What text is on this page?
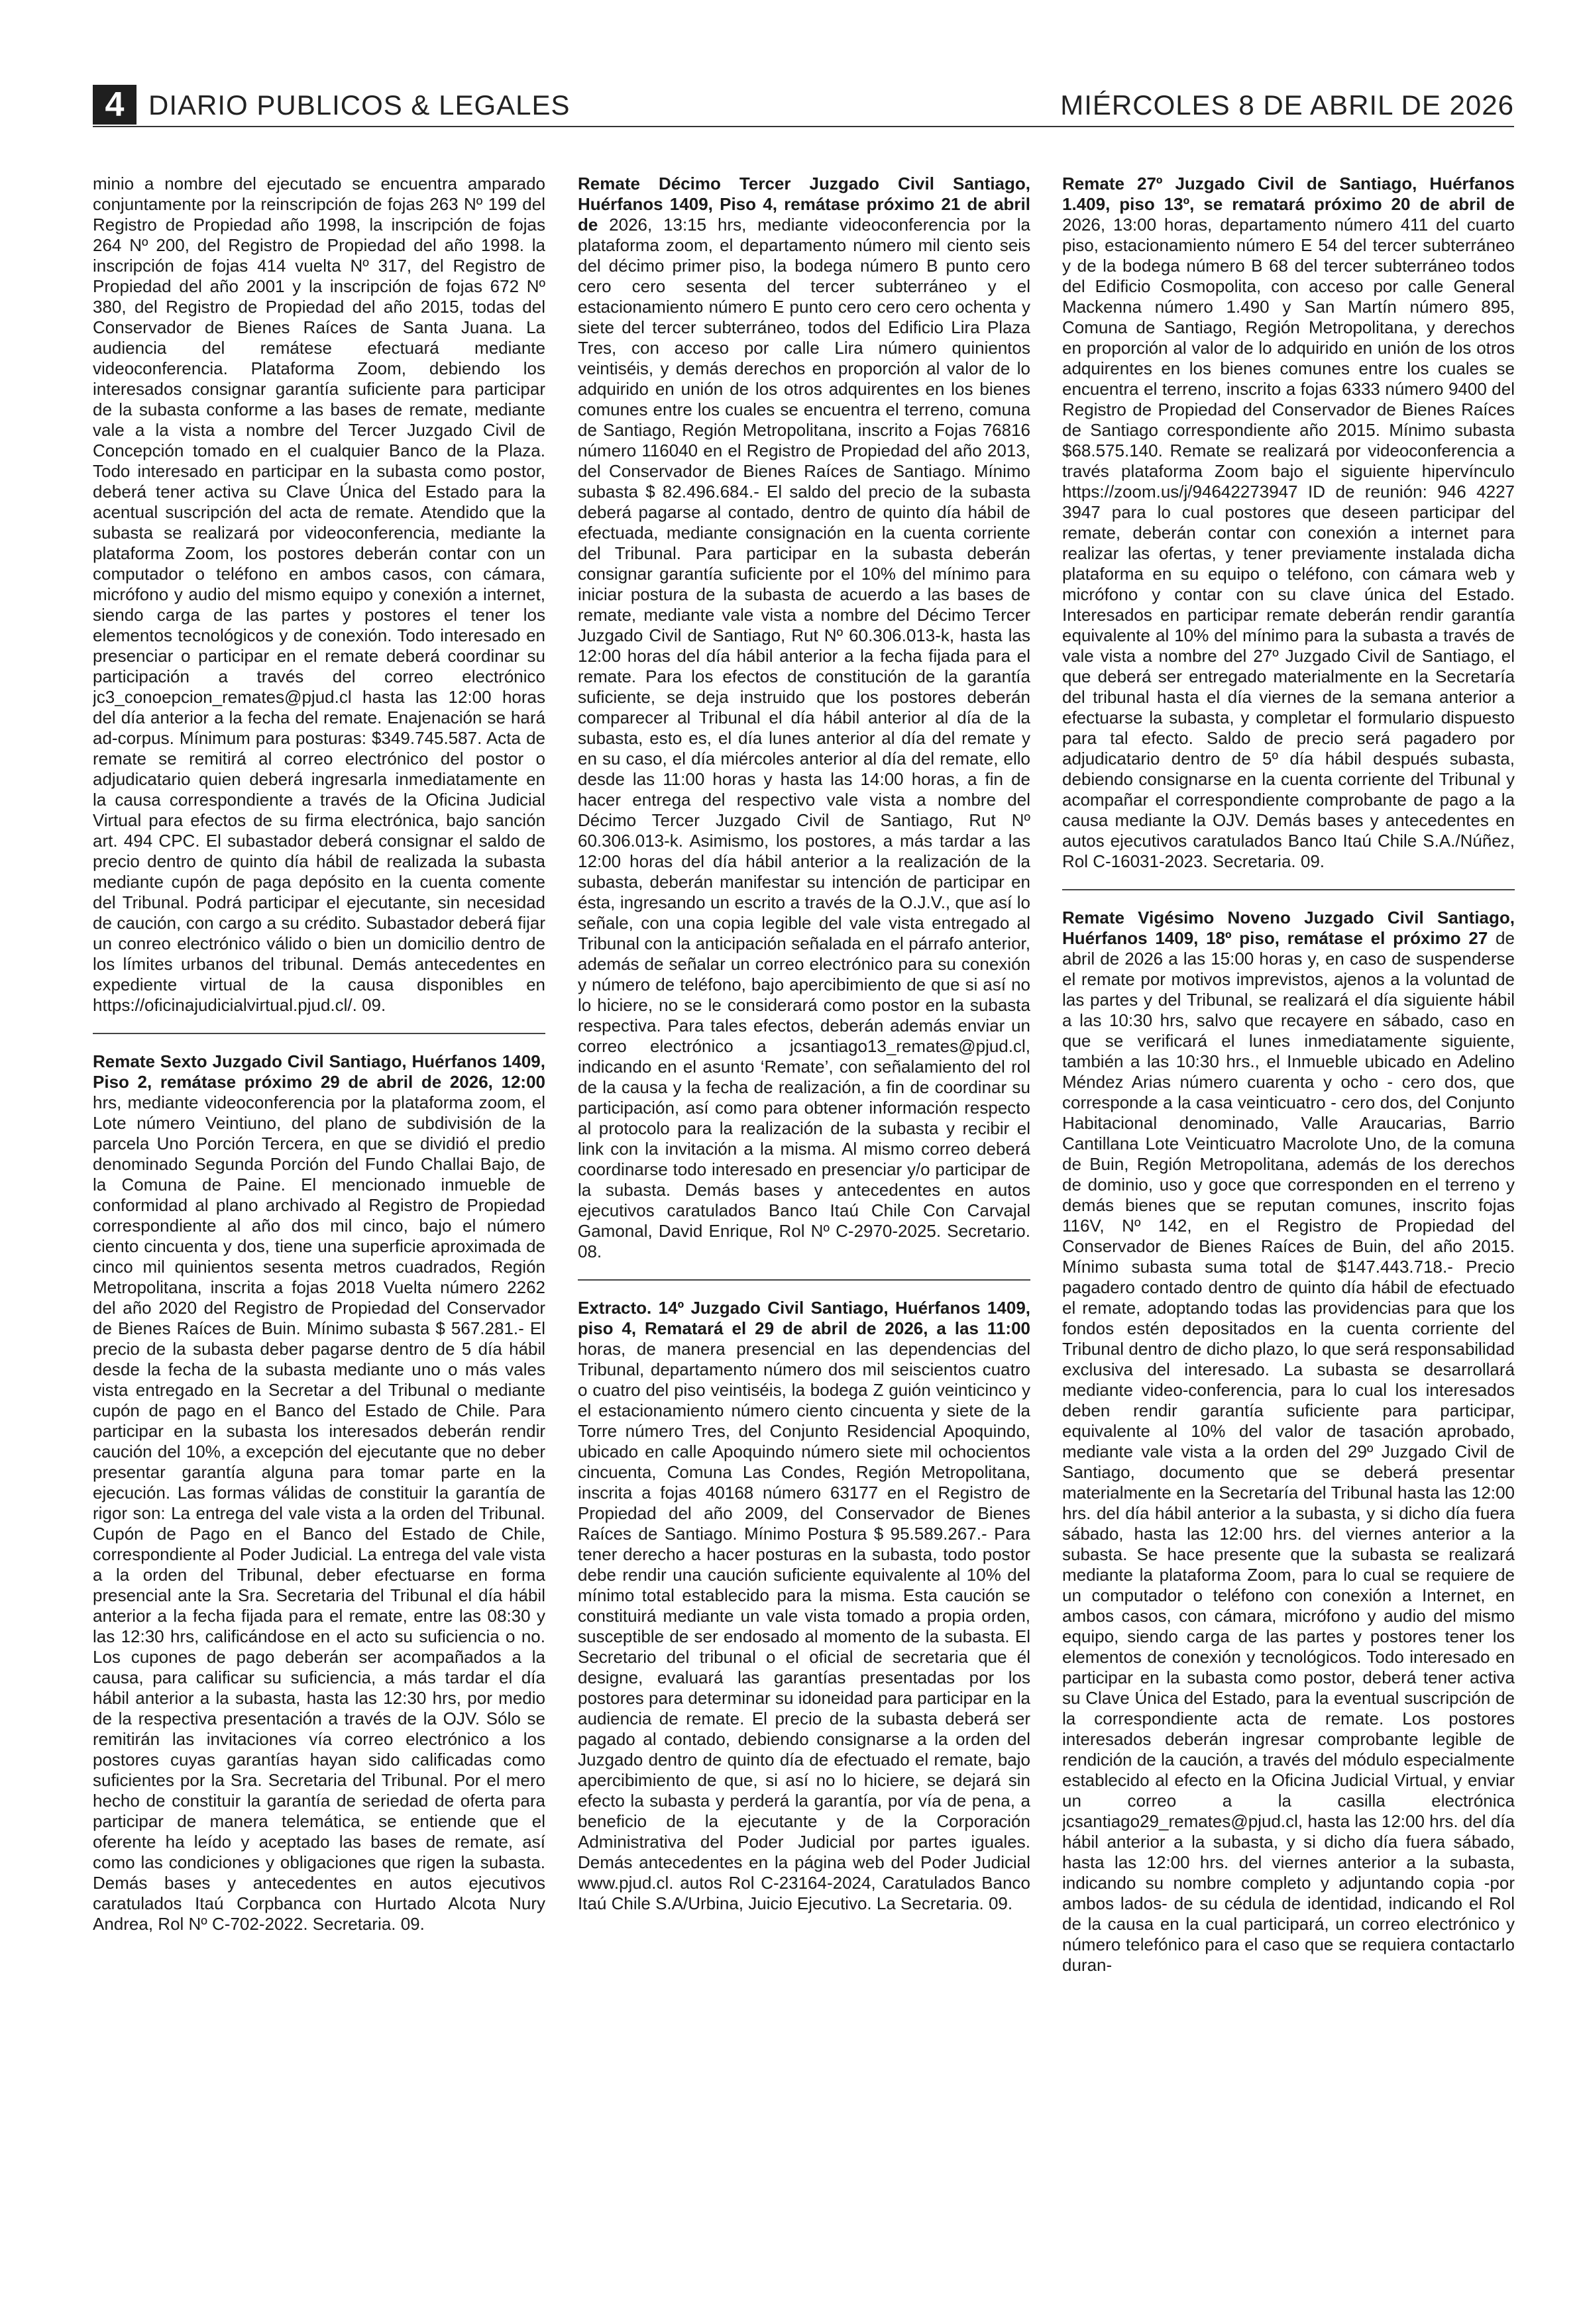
4 DIARIO PUBLICOS & LEGALES	MIÉRCOLES 8 DE ABRIL DE 2026

minio a nombre del ejecutado se encuentra amparado conjuntamente por la reinscripción de fojas 263 Nº 199 del Registro de Propiedad año 1998, la inscripción de fojas 264 Nº 200, del Registro de Propiedad del año 1998. la inscripción de fojas 414 vuelta Nº 317, del Registro de Propiedad del año 2001 y la inscripción de fojas 672 Nº 380, del Registro de Propiedad del año 2015, todas del Conservador de Bienes Raíces de Santa Juana. La audiencia del remátese efectuará mediante videoconferencia. Plataforma Zoom, debiendo los interesados consignar garantía suficiente para participar de la subasta conforme a las bases de remate, mediante vale a la vista a nombre del Tercer Juzgado Civil de Concepción tomado en el cualquier Banco de la Plaza. Todo interesado en participar en la subasta como postor, deberá tener activa su Clave Única del Estado para la acentual suscripción del acta de remate. Atendido que la subasta se realizará por videoconferencia, mediante la plataforma Zoom, los postores deberán contar con un computador o teléfono en ambos casos, con cámara, micrófono y audio del mismo equipo y conexión a internet, siendo carga de las partes y postores el tener los elementos tecnológicos y de conexión. Todo interesado en presenciar o participar en el remate deberá coordinar su participación a través del correo electrónico jc3_conoepcion_remates@pjud.cl hasta las 12:00 horas del día anterior a la fecha del remate. Enajenación se hará ad-corpus. Mínimum para posturas: $349.745.587. Acta de remate se remitirá al correo electrónico del postor o adjudicatario quien deberá ingresarla inmediatamente en la causa correspondiente a través de la Oficina Judicial Virtual para efectos de su firma electrónica, bajo sanción art. 494 CPC. El subastador deberá consignar el saldo de precio dentro de quinto día hábil de realizada la subasta mediante cupón de paga depósito en la cuenta comente del Tribunal. Podrá participar el ejecutante, sin necesidad de caución, con cargo a su crédito. Subastador deberá fijar un conreo electrónico válido o bien un domicilio dentro de los límites urbanos del tribunal. Demás antecedentes en expediente virtual de la causa disponibles en https://oficinajudicialvirtual.pjud.cl/. 09.

Remate Sexto Juzgado Civil Santiago, Huérfanos 1409, Piso 2, remátase próximo 29 de abril de 2026, 12:00 hrs, mediante videoconferencia por la plataforma zoom, el Lote número Veintiuno, del plano de subdivisión de la parcela Uno Porción Tercera, en que se dividió el predio denominado Segunda Porción del Fundo Challai Bajo, de la Comuna de Paine. El mencionado inmueble de conformidad al plano archivado al Registro de Propiedad correspondiente al año dos mil cinco, bajo el número ciento cincuenta y dos, tiene una superficie aproximada de cinco mil quinientos sesenta metros cuadrados, Región Metropolitana, inscrita a fojas 2018 Vuelta número 2262 del año 2020 del Registro de Propiedad del Conservador de Bienes Raíces de Buin. Mínimo subasta $ 567.281.- El precio de la subasta deber pagarse dentro de 5 día hábil desde la fecha de la subasta mediante uno o más vales vista entregado en la Secretar a del Tribunal o mediante cupón de pago en el Banco del Estado de Chile. Para participar en la subasta los interesados deberán rendir caución del 10%, a excepción del ejecutante que no deber presentar garantía alguna para tomar parte en la ejecución. Las formas válidas de constituir la garantía de rigor son: La entrega del vale vista a la orden del Tribunal. Cupón de Pago en el Banco del Estado de Chile, correspondiente al Poder Judicial. La entrega del vale vista a la orden del Tribunal, deber efectuarse en forma presencial ante la Sra. Secretaria del Tribunal el día hábil anterior a la fecha fijada para el remate, entre las 08:30 y las 12:30 hrs, calificándose en el acto su suficiencia o no. Los cupones de pago deberán ser acompañados a la causa, para calificar su suficiencia, a más tardar el día hábil anterior a la subasta, hasta las 12:30 hrs, por medio de la respectiva presentación a través de la OJV. Sólo se remitirán las invitaciones vía correo electrónico a los postores cuyas garantías hayan sido calificadas como suficientes por la Sra. Secretaria del Tribunal. Por el mero hecho de constituir la garantía de seriedad de oferta para participar de manera telemática, se entiende que el oferente ha leído y aceptado las bases de remate, así como las condiciones y obligaciones que rigen la subasta. Demás bases y antecedentes en autos ejecutivos caratulados Itaú Corpbanca con Hurtado Alcota Nury Andrea, Rol Nº C-702-2022. Secretaria. 09.

Remate Décimo Tercer Juzgado Civil Santiago, Huérfanos 1409, Piso 4, remátase próximo 21 de abril de 2026, 13:15 hrs, mediante videoconferencia por la plataforma zoom, el departamento número mil ciento seis del décimo primer piso, la bodega número B punto cero cero cero sesenta del tercer subterráneo y el estacionamiento número E punto cero cero cero ochenta y siete del tercer subterráneo, todos del Edificio Lira Plaza Tres, con acceso por calle Lira número quinientos veintiséis, y demás derechos en proporción al valor de lo adquirido en unión de los otros adquirentes en los bienes comunes entre los cuales se encuentra el terreno, comuna de Santiago, Región Metropolitana, inscrito a Fojas 76816 número 116040 en el Registro de Propiedad del año 2013, del Conservador de Bienes Raíces de Santiago. Mínimo subasta $ 82.496.684.- El saldo del precio de la subasta deberá pagarse al contado, dentro de quinto día hábil de efectuada, mediante consignación en la cuenta corriente del Tribunal. Para participar en la subasta deberán consignar garantía suficiente por el 10% del mínimo para iniciar postura de la subasta de acuerdo a las bases de remate, mediante vale vista a nombre del Décimo Tercer Juzgado Civil de Santiago, Rut Nº 60.306.013-k, hasta las 12:00 horas del día hábil anterior a la fecha fijada para el remate. Para los efectos de constitución de la garantía suficiente, se deja instruido que los postores deberán comparecer al Tribunal el día hábil anterior al día de la subasta, esto es, el día lunes anterior al día del remate y en su caso, el día miércoles anterior al día del remate, ello desde las 11:00 horas y hasta las 14:00 horas, a fin de hacer entrega del respectivo vale vista a nombre del Décimo Tercer Juzgado Civil de Santiago, Rut Nº 60.306.013-k. Asimismo, los postores, a más tardar a las 12:00 horas del día hábil anterior a la realización de la subasta, deberán manifestar su intención de participar en ésta, ingresando un escrito a través de la O.J.V., que así lo señale, con una copia legible del vale vista entregado al Tribunal con la anticipación señalada en el párrafo anterior, además de señalar un correo electrónico para su conexión y número de teléfono, bajo apercibimiento de que si así no lo hiciere, no se le considerará como postor en la subasta respectiva. Para tales efectos, deberán además enviar un correo electrónico a jcsantiago13_remates@pjud.cl, indicando en el asunto ‘Remate’, con señalamiento del rol de la causa y la fecha de realización, a fin de coordinar su participación, así como para obtener información respecto al protocolo para la realización de la subasta y recibir el link con la invitación a la misma. Al mismo correo deberá coordinarse todo interesado en presenciar y/o participar de la subasta. Demás bases y antecedentes en autos ejecutivos caratulados Banco Itaú Chile Con Carvajal Gamonal, David Enrique, Rol Nº C-2970-2025. Secretario. 08.

Extracto. 14º Juzgado Civil Santiago, Huérfanos 1409, piso 4, Rematará el 29 de abril de 2026, a las 11:00 horas, de manera presencial en las dependencias del Tribunal, departamento número dos mil seiscientos cuatro o cuatro del piso veintiséis, la bodega Z guión veinticinco y el estacionamiento número ciento cincuenta y siete de la Torre número Tres, del Conjunto Residencial Apoquindo, ubicado en calle Apoquindo número siete mil ochocientos cincuenta, Comuna Las Condes, Región Metropolitana, inscrita a fojas 40168 número 63177 en el Registro de Propiedad del año 2009, del Conservador de Bienes Raíces de Santiago. Mínimo Postura $ 95.589.267.- Para tener derecho a hacer posturas en la subasta, todo postor debe rendir una caución suficiente equivalente al 10% del mínimo total establecido para la misma. Esta caución se constituirá mediante un vale vista tomado a propia orden, susceptible de ser endosado al momento de la subasta. El Secretario del tribunal o el oficial de secretaria que él designe, evaluará las garantías presentadas por los postores para determinar su idoneidad para participar en la audiencia de remate. El precio de la subasta deberá ser pagado al contado, debiendo consignarse a la orden del Juzgado dentro de quinto día de efectuado el remate, bajo apercibimiento de que, si así no lo hiciere, se dejará sin efecto la subasta y perderá la garantía, por vía de pena, a beneficio de la ejecutante y de la Corporación Administrativa del Poder Judicial por partes iguales. Demás antecedentes en la página web del Poder Judicial www.pjud.cl. autos Rol C-23164-2024, Caratulados Banco Itaú Chile S.A/Urbina, Juicio Ejecutivo. La Secretaria. 09.

Remate 27º Juzgado Civil de Santiago, Huérfanos 1.409, piso 13º, se rematará próximo 20 de abril de 2026, 13:00 horas, departamento número 411 del cuarto piso, estacionamiento número E 54 del tercer subterráneo y de la bodega número B 68 del tercer subterráneo todos del Edificio Cosmopolita, con acceso por calle General Mackenna número 1.490 y San Martín número 895, Comuna de Santiago, Región Metropolitana, y derechos en proporción al valor de lo adquirido en unión de los otros adquirentes en los bienes comunes entre los cuales se encuentra el terreno, inscrito a fojas 6333 número 9400 del Registro de Propiedad del Conservador de Bienes Raíces de Santiago correspondiente año 2015. Mínimo subasta $68.575.140. Remate se realizará por videoconferencia a través plataforma Zoom bajo el siguiente hipervínculo https://zoom.us/j/94642273947 ID de reunión: 946 4227 3947 para lo cual postores que deseen participar del remate, deberán contar con conexión a internet para realizar las ofertas, y tener previamente instalada dicha plataforma en su equipo o teléfono, con cámara web y micrófono y contar con su clave única del Estado. Interesados en participar remate deberán rendir garantía equivalente al 10% del mínimo para la subasta a través de vale vista a nombre del 27º Juzgado Civil de Santiago, el que deberá ser entregado materialmente en la Secretaría del tribunal hasta el día viernes de la semana anterior a efectuarse la subasta, y completar el formulario dispuesto para tal efecto. Saldo de precio será pagadero por adjudicatario dentro de 5º día hábil después subasta, debiendo consignarse en la cuenta corriente del Tribunal y acompañar el correspondiente comprobante de pago a la causa mediante la OJV. Demás bases y antecedentes en autos ejecutivos caratulados Banco Itaú Chile S.A./Núñez, Rol C-16031-2023. Secretaria. 09.

Remate Vigésimo Noveno Juzgado Civil Santiago, Huérfanos 1409, 18º piso, remátase el próximo 27 de abril de 2026 a las 15:00 horas y, en caso de suspenderse el remate por motivos imprevistos, ajenos a la voluntad de las partes y del Tribunal, se realizará el día siguiente hábil a las 10:30 hrs, salvo que recayere en sábado, caso en que se verificará el lunes inmediatamente siguiente, también a las 10:30 hrs., el Inmueble ubicado en Adelino Méndez Arias número cuarenta y ocho - cero dos, que corresponde a la casa veinticuatro - cero dos, del Conjunto Habitacional denominado, Valle Araucarias, Barrio Cantillana Lote Veinticuatro Macrolote Uno, de la comuna de Buin, Región Metropolitana, además de los derechos de dominio, uso y goce que corresponden en el terreno y demás bienes que se reputan comunes, inscrito fojas 116V, Nº 142, en el Registro de Propiedad del Conservador de Bienes Raíces de Buin, del año 2015. Mínimo subasta suma total de $147.443.718.- Precio pagadero contado dentro de quinto día hábil de efectuado el remate, adoptando todas las providencias para que los fondos estén depositados en la cuenta corriente del Tribunal dentro de dicho plazo, lo que será responsabilidad exclusiva del interesado. La subasta se desarrollará mediante video-conferencia, para lo cual los interesados deben rendir garantía suficiente para participar, equivalente al 10% del valor de tasación aprobado, mediante vale vista a la orden del 29º Juzgado Civil de Santiago, documento que se deberá presentar materialmente en la Secretaría del Tribunal hasta las 12:00 hrs. del día hábil anterior a la subasta, y si dicho día fuera sábado, hasta las 12:00 hrs. del viernes anterior a la subasta. Se hace presente que la subasta se realizará mediante la plataforma Zoom, para lo cual se requiere de un computador o teléfono con conexión a Internet, en ambos casos, con cámara, micrófono y audio del mismo equipo, siendo carga de las partes y postores tener los elementos de conexión y tecnológicos. Todo interesado en participar en la subasta como postor, deberá tener activa su Clave Única del Estado, para la eventual suscripción de la correspondiente acta de remate. Los postores interesados deberán ingresar comprobante legible de rendición de la caución, a través del módulo especialmente establecido al efecto en la Oficina Judicial Virtual, y enviar un correo a la casilla electrónica jcsantiago29_remates@pjud.cl, hasta las 12:00 hrs. del día hábil anterior a la subasta, y si dicho día fuera sábado, hasta las 12:00 hrs. del viernes anterior a la subasta, indicando su nombre completo y adjuntando copia -por ambos lados- de su cédula de identidad, indicando el Rol de la causa en la cual participará, un correo electrónico y número telefónico para el caso que se requiera contactarlo duran-
